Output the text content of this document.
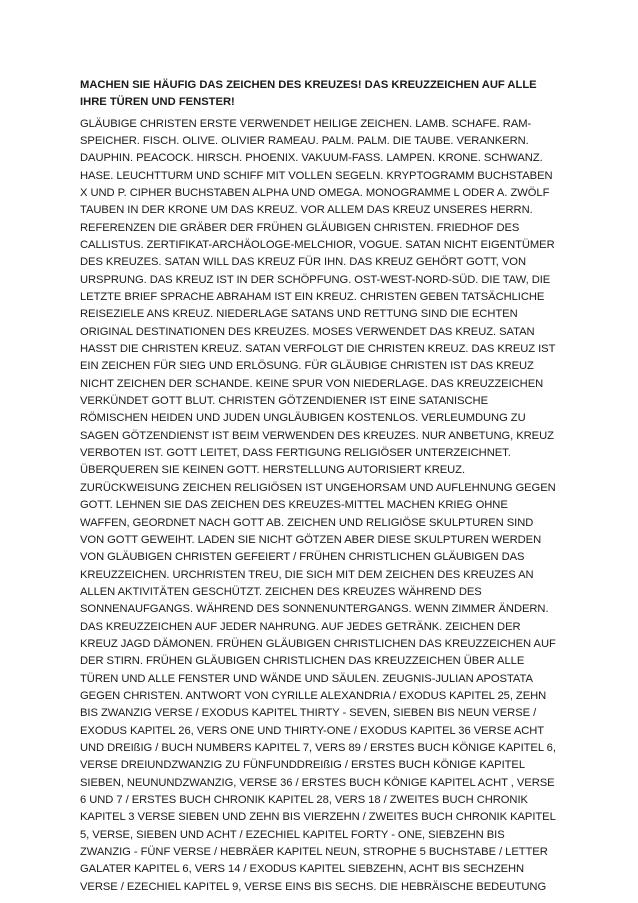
MACHEN SIE HÄUFIG DAS ZEICHEN DES KREUZES! DAS KREUZZEICHEN AUF ALLE
IHRE TÜREN UND FENSTER!
GLÄUBIGE CHRISTEN ERSTE VERWENDET HEILIGE ZEICHEN. LAMB. SCHAFE. RAM-
SPEICHER. FISCH. OLIVE. OLIVIER RAMEAU. PALM. PALM. DIE TAUBE. VERANKERN.
DAUPHIN. PEACOCK. HIRSCH. PHOENIX. VAKUUM-FASS. LAMPEN. KRONE. SCHWANZ.
HASE. LEUCHTTURM UND SCHIFF MIT VOLLEN SEGELN. KRYPTOGRAMM BUCHSTABEN
X UND P. CIPHER BUCHSTABEN ALPHA UND OMEGA. MONOGRAMME L ODER A. ZWÖLF
TAUBEN IN DER KRONE UM DAS KREUZ. VOR ALLEM DAS KREUZ UNSERES HERRN.
REFERENZEN DIE GRÄBER DER FRÜHEN GLÄUBIGEN CHRISTEN. FRIEDHOF DES
CALLISTUS. ZERTIFIKAT-ARCHÄOLOGE-MELCHIOR, VOGUE. SATAN NICHT EIGENTÜMER
DES KREUZES. SATAN WILL DAS KREUZ FÜR IHN. DAS KREUZ GEHÖRT GOTT, VON
URSPRUNG. DAS KREUZ IST IN DER SCHÖPFUNG. OST-WEST-NORD-SÜD. DIE TAW, DIE
LETZTE BRIEF SPRACHE ABRAHAM IST EIN KREUZ. CHRISTEN GEBEN TATSÄCHLICHE
REISEZIELE ANS KREUZ. NIEDERLAGE SATANS UND RETTUNG SIND DIE ECHTEN
ORIGINAL DESTINATIONEN DES KREUZES. MOSES VERWENDET DAS KREUZ. SATAN
HASST DIE CHRISTEN KREUZ. SATAN VERFOLGT DIE CHRISTEN KREUZ. DAS KREUZ IST
EIN ZEICHEN FÜR SIEG UND ERLÖSUNG. FÜR GLÄUBIGE CHRISTEN IST DAS KREUZ
NICHT ZEICHEN DER SCHANDE. KEINE SPUR VON NIEDERLAGE. DAS KREUZZEICHEN
VERKÜNDET GOTT BLUT. CHRISTEN GÖTZENDIENER IST EINE SATANISCHE
RÖMISCHEN HEIDEN UND JUDEN UNGLÄUBIGEN KOSTENLOS. VERLEUMDUNG ZU
SAGEN GÖTZENDIENST IST BEIM VERWENDEN DES KREUZES. NUR ANBETUNG, KREUZ
VERBOTEN IST. GOTT LEITET, DASS FERTIGUNG RELIGIÖSER UNTERZEICHNET.
ÜBERQUEREN SIE KEINEN GOTT. HERSTELLUNG AUTORISIERT KREUZ.
ZURÜCKWEISUNG ZEICHEN RELIGIÖSEN IST UNGEHORSAM UND AUFLEHNUNG GEGEN
GOTT. LEHNEN SIE DAS ZEICHEN DES KREUZES-MITTEL MACHEN KRIEG OHNE
WAFFEN, GEORDNET NACH GOTT AB. ZEICHEN UND RELIGIÖSE SKULPTUREN SIND
VON GOTT GEWEIHT. LADEN SIE NICHT GÖTZEN ABER DIESE SKULPTUREN WERDEN
VON GLÄUBIGEN CHRISTEN GEFEIERT / FRÜHEN CHRISTLICHEN GLÄUBIGEN DAS
KREUZZEICHEN. URCHRISTEN TREU, DIE SICH MIT DEM ZEICHEN DES KREUZES AN
ALLEN AKTIVITÄTEN GESCHÜTZT. ZEICHEN DES KREUZES WÄHREND DES
SONNENAUFGANGS. WÄHREND DES SONNENUNTERGANGS. WENN ZIMMER ÄNDERN.
DAS KREUZZEICHEN AUF JEDER NAHRUNG. AUF JEDES GETRÄNK. ZEICHEN DER
KREUZ JAGD DÄMONEN. FRÜHEN GLÄUBIGEN CHRISTLICHEN DAS KREUZZEICHEN AUF
DER STIRN. FRÜHEN GLÄUBIGEN CHRISTLICHEN DAS KREUZZEICHEN ÜBER ALLE
TÜREN UND ALLE FENSTER UND WÄNDE UND SÄULEN. ZEUGNIS-JULIAN APOSTATA
GEGEN CHRISTEN. ANTWORT VON CYRILLE ALEXANDRIA / EXODUS KAPITEL 25, ZEHN
BIS ZWANZIG VERSE / EXODUS KAPITEL THIRTY - SEVEN, SIEBEN BIS NEUN VERSE /
EXODUS KAPITEL 26, VERS ONE UND THIRTY-ONE / EXODUS KAPITEL 36 VERSE ACHT
UND DREIßIG / BUCH NUMBERS KAPITEL 7, VERS 89 / ERSTES BUCH KÖNIGE KAPITEL 6,
VERSE DREIUNDZWANZIG ZU FÜNFUNDDREIßIG / ERSTES BUCH KÖNIGE KAPITEL
SIEBEN, NEUNUNDZWANZIG, VERSE 36 / ERSTES BUCH KÖNIGE KAPITEL ACHT , VERSE
6 UND 7 / ERSTES BUCH CHRONIK KAPITEL 28, VERS 18 / ZWEITES BUCH CHRONIK
KAPITEL 3 VERSE SIEBEN UND ZEHN BIS VIERZEHN / ZWEITES BUCH CHRONIK KAPITEL
5, VERSE, SIEBEN UND ACHT / EZECHIEL KAPITEL FORTY - ONE, SIEBZEHN BIS
ZWANZIG - FÜNF VERSE / HEBRÄER KAPITEL NEUN, STROPHE 5 BUCHSTABE / LETTER
GALATER KAPITEL 6, VERS 14 / EXODUS KAPITEL SIEBZEHN, ACHT BIS SECHZEHN
VERSE / EZECHIEL KAPITEL 9, VERSE EINS BIS SECHS. DIE HEBRÄISCHE BEDEUTUNG
